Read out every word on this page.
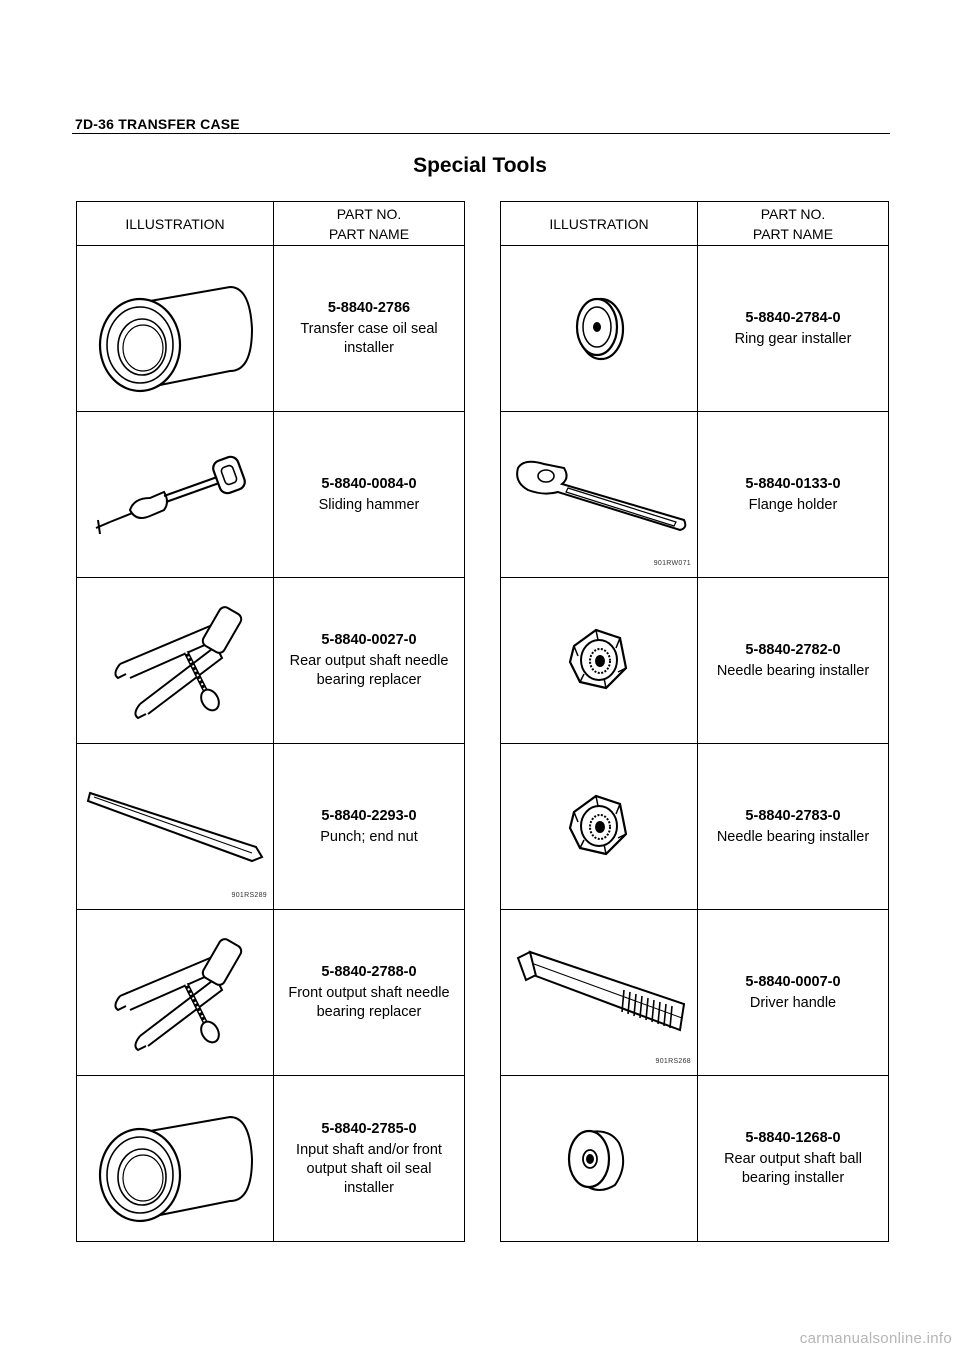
7D-36 TRANSFER CASE
Special Tools
ILLUSTRATION	PART NO.
PART NAME

5-8840-2786
Transfer case oil seal installer

5-8840-0084-0
Sliding hammer

5-8840-0027-0
Rear output shaft needle bearing replacer

901RS289	5-8840-2293-0
Punch; end nut

5-8840-2788-0
Front output shaft needle bearing replacer

5-8840-2785-0
Input shaft and/or front output shaft oil seal installer
ILLUSTRATION	PART NO.
PART NAME

5-8840-2784-0
Ring gear installer

901RW071	5-8840-0133-0
Flange holder

5-8840-2782-0
Needle bearing installer

5-8840-2783-0
Needle bearing installer

901RS268	5-8840-0007-0
Driver handle

5-8840-1268-0
Rear output shaft ball bearing installer
carmanualsonline.info
